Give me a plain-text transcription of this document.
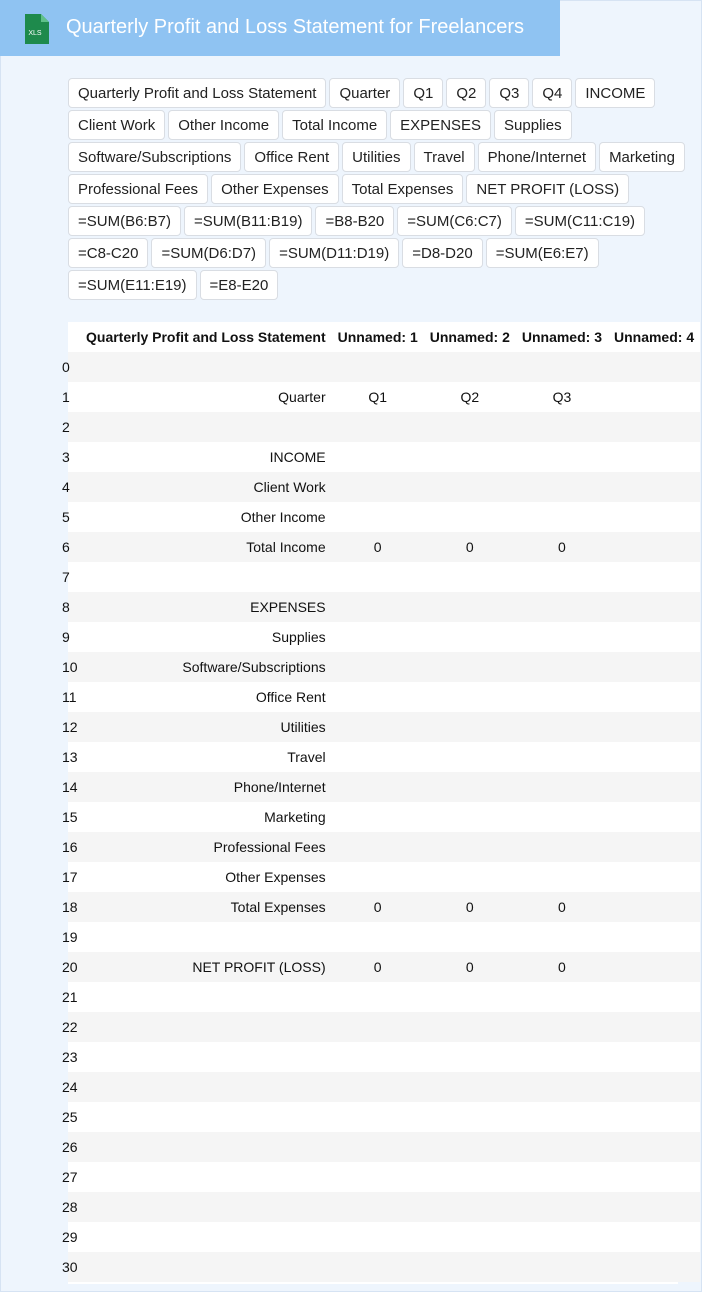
XLS Quarterly Profit and Loss Statement for Freelancers
Quarterly Profit and Loss Statement	Quarter	Q1	Q2	Q3	Q4	INCOME
Client Work	Other Income	Total Income	EXPENSES	Supplies
Software/Subscriptions	Office Rent	Utilities	Travel	Phone/Internet	Marketing
Professional Fees	Other Expenses	Total Expenses	NET PROFIT (LOSS)
=SUM(B6:B7)	=SUM(B11:B19)	=B8-B20	=SUM(C6:C7)	=SUM(C11:C19)
=C8-C20	=SUM(D6:D7)	=SUM(D11:D19)	=D8-D20	=SUM(E6:E7)
=SUM(E11:E19)	=E8-E20
	Quarterly Profit and Loss Statement	Unnamed: 1	Unnamed: 2	Unnamed: 3	Unnamed: 4
0					
1	Quarter	Q1	Q2	Q3	
2					
3	INCOME				
4	Client Work				
5	Other Income				
6	Total Income	0	0	0	
7					
8	EXPENSES				
9	Supplies				
10	Software/Subscriptions				
11	Office Rent				
12	Utilities				
13	Travel				
14	Phone/Internet				
15	Marketing				
16	Professional Fees				
17	Other Expenses				
18	Total Expenses	0	0	0	
19					
20	NET PROFIT (LOSS)	0	0	0	
21					
22					
23					
24					
25					
26					
27					
28					
29					
30					
